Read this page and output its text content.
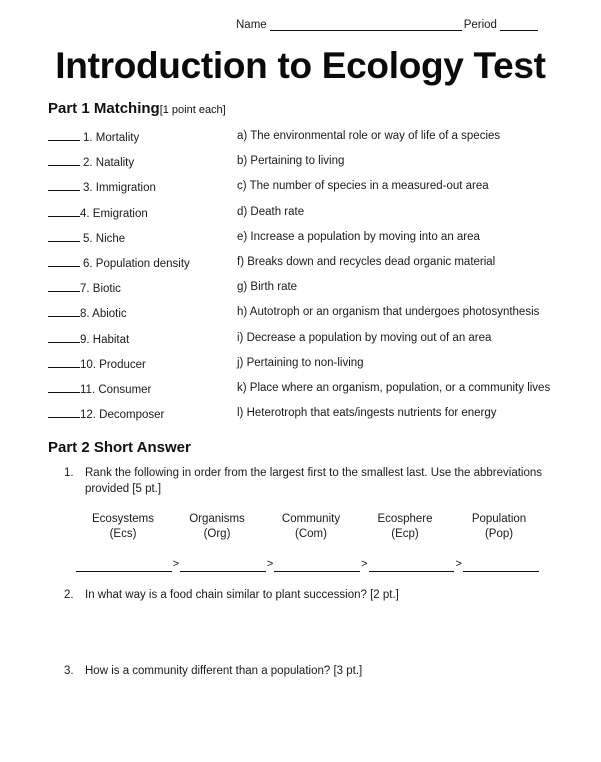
Name	Period
Introduction to Ecology Test
Part 1 Matching[1 point each]
1. Mortality	a) The environmental role or way of life of a species
2. Natality	b) Pertaining to living
3. Immigration	c) The number of species in a measured-out area
4. Emigration	d) Death rate
5. Niche	e) Increase a population by moving into an area
6. Population density	f) Breaks down and recycles dead organic material
7. Biotic	g) Birth rate
8. Abiotic	h) Autotroph or an organism that undergoes photosynthesis
9. Habitat	i) Decrease a population by moving out of an area
10. Producer	j) Pertaining to non-living
11. Consumer	k) Place where an organism, population, or a community lives
12. Decomposer	l) Heterotroph that eats/ingests nutrients for energy
Part 2 Short Answer
1. Rank the following in order from the largest first to the smallest last. Use the abbreviations provided [5 pt.]
Ecosystems
(Ecs)
Organisms
(Org)
Community
(Com)
Ecosphere
(Ecp)
Population
(Pop)
>	>	>	>
2. In what way is a food chain similar to plant succession? [2 pt.]
3. How is a community different than a population? [3 pt.]
